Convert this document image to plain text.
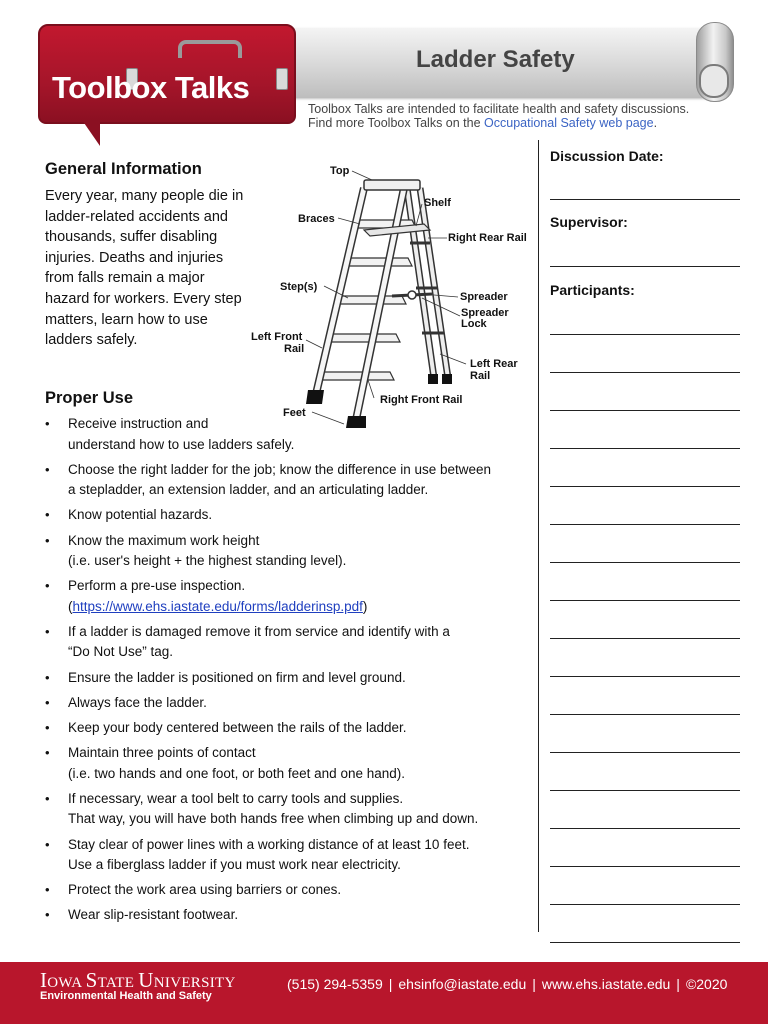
Ladder Safety
Toolbox Talks
Toolbox Talks are intended to facilitate health and safety discussions.
Find more Toolbox Talks on the Occupational Safety web page.
General Information
Every year, many people die in ladder-related accidents and thousands, suffer disabling injuries. Deaths and injuries from falls remain a major hazard for workers. Every step matters, learn how to use ladders safely.
Top
Shelf
Braces
Right Rear Rail
Step(s)
Spreader
Spreader
Lock
Left Front
Rail
Left Rear
Rail
Right Front Rail
Feet
Proper Use
• Receive instruction and
understand how to use ladders safely.
• Choose the right ladder for the job; know the difference in use between
a stepladder, an extension ladder, and an articulating ladder.
• Know potential hazards.
• Know the maximum work height
(i.e. user's height + the highest standing level).
• Perform a pre-use inspection.
(https://www.ehs.iastate.edu/forms/ladderinsp.pdf)
• If a ladder is damaged remove it from service and identify with a
“Do Not Use” tag.
• Ensure the ladder is positioned on firm and level ground.
• Always face the ladder.
• Keep your body centered between the rails of the ladder.
• Maintain three points of contact
(i.e. two hands and one foot, or both feet and one hand).
• If necessary, wear a tool belt to carry tools and supplies.
That way, you will have both hands free when climbing up and down.
• Stay clear of power lines with a working distance of at least 10 feet.
Use a fiberglass ladder if you must work near electricity.
• Protect the work area using barriers or cones.
• Wear slip-resistant footwear.
Discussion Date:
Supervisor:
Participants:
IOWA STATE UNIVERSITY
Environmental Health and Safety
(515) 294-5359 | ehsinfo@iastate.edu | www.ehs.iastate.edu | ©2020
